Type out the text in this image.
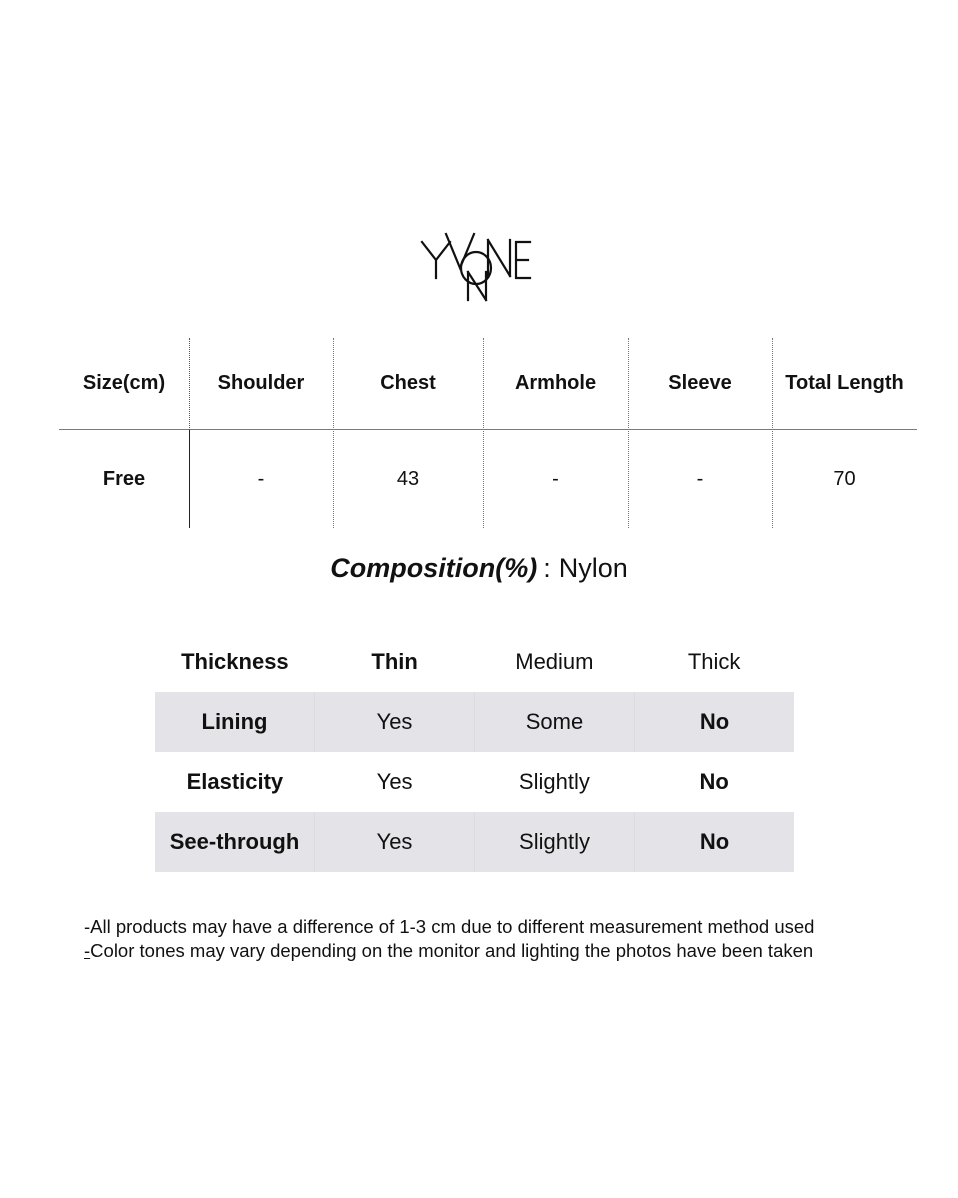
Size(cm)	Shoulder	Chest	Armhole	Sleeve	Total Length
Free	-	43	-	-	70
Composition(%) : Nylon
Thickness	Thin	Medium	Thick
Lining	Yes	Some	No
Elasticity	Yes	Slightly	No
See-through	Yes	Slightly	No
-All products may have a difference of 1-3 cm due to different measurement method used
-Color tones may vary depending on the monitor and lighting the photos have been taken
